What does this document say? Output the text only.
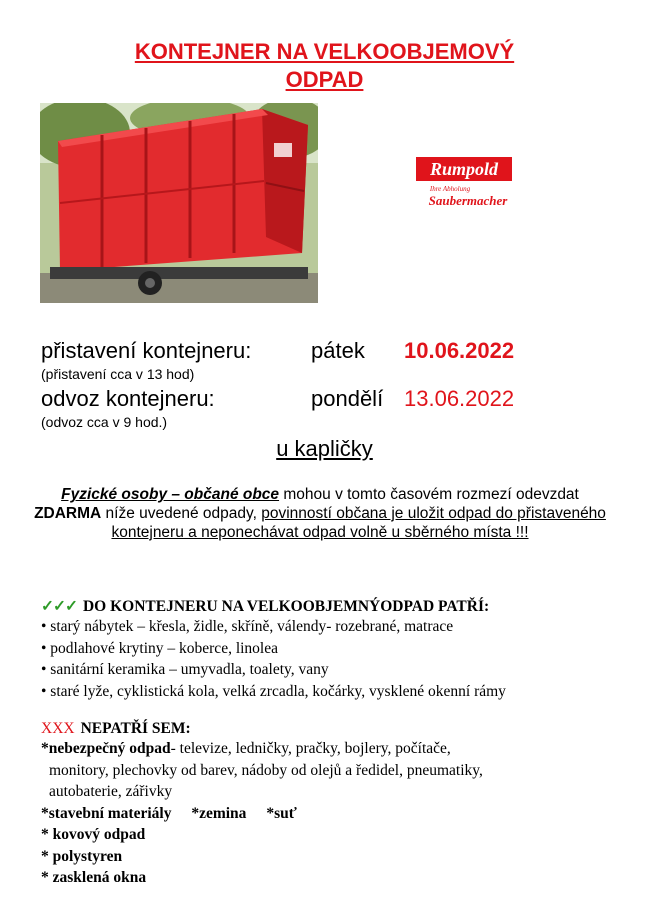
KONTEJNER NA VELKOOBJEMOVÝ
ODPAD
Rumpold
Ihre Abholung
Saubermacher
přistavení kontejneru:	pátek 10.06.2022
(přistavení cca v 13 hod)
odvoz kontejneru:	pondělí 13.06.2022
(odvoz cca v 9 hod.)
u kapličky
Fyzické osoby – občané obce mohou v tomto časovém rozmezí odevzdat ZDARMA níže uvedené odpady, povinností občana je uložit odpad do přistaveného kontejneru a neponechávat odpad volně u sběrného místa !!!
✓✓✓ DO KONTEJNERU NA VELKOOBJEMNÝODPAD PATŘÍ:
• starý nábytek – křesla, židle, skříně, válendy- rozebrané, matrace
• podlahové krytiny – koberce, linolea
• sanitární keramika – umyvadla, toalety, vany
• staré lyže, cyklistická kola, velká zrcadla, kočárky, vysklené okenní rámy
XXX NEPATŘÍ SEM:
*nebezpečný odpad- televize, ledničky, pračky, bojlery, počítače,
monitory, plechovky od barev, nádoby od olejů a ředidel, pneumatiky,
autobaterie, zářivky
*stavební materiály *zemina *suť
* kovový odpad
* polystyren
* zasklená okna
